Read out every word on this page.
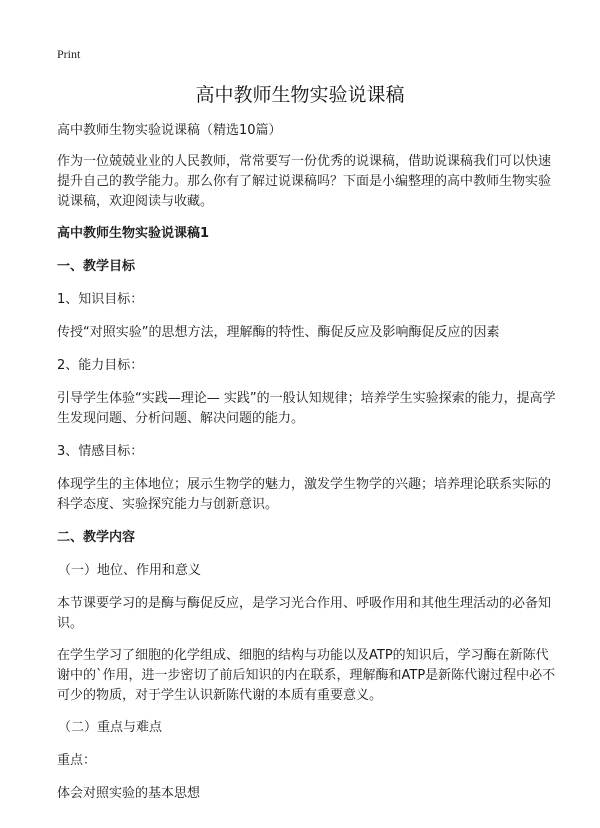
Print
高中教师生物实验说课稿

高中教师生物实验说课稿（精选10篇）

作为一位兢兢业业的人民教师，常常要写一份优秀的说课稿，借助说课稿我们可以快速提升自己的教学能力。那么你有了解过说课稿吗？下面是小编整理的高中教师生物实验说课稿，欢迎阅读与收藏。

高中教师生物实验说课稿1

一、教学目标

1、知识目标：

传授“对照实验”的思想方法，理解酶的特性、酶促反应及影响酶促反应的因素

2、能力目标：

引导学生体验“实践—理论— 实践”的一般认知规律；培养学生实验探索的能力，提高学生发现问题、分析问题、解决问题的能力。

3、情感目标：

体现学生的主体地位；展示生物学的魅力，激发学生物学的兴趣；培养理论联系实际的科学态度、实验探究能力与创新意识。

二、教学内容

（一）地位、作用和意义

本节课要学习的是酶与酶促反应，是学习光合作用、呼吸作用和其他生理活动的必备知识。

在学生学习了细胞的化学组成、细胞的结构与功能以及ATP的知识后，学习酶在新陈代谢中的`作用，进一步密切了前后知识的内在联系，理解酶和ATP是新陈代谢过程中必不可少的物质，对于学生认识新陈代谢的本质有重要意义。

（二）重点与难点

重点：

体会对照实验的基本思想
